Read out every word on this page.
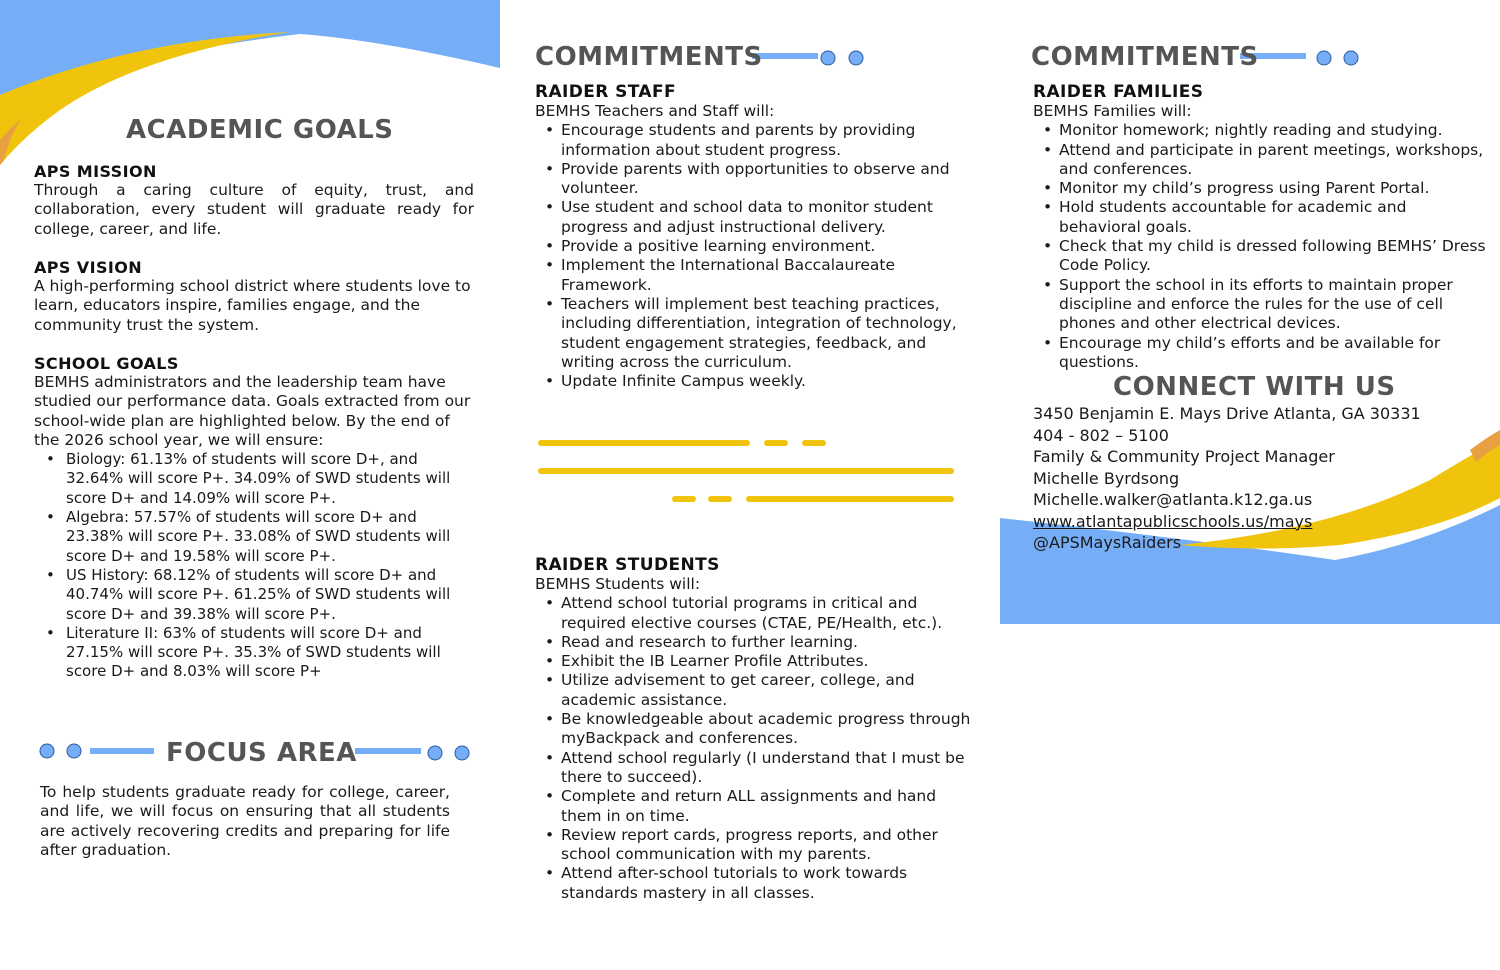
ACADEMIC GOALS
APS MISSION
Through a caring culture of equity, trust, and collaboration, every student will graduate ready for college, career, and life.
APS VISION
A high-performing school district where students love to learn, educators inspire, families engage, and the community trust the system.
SCHOOL GOALS
BEMHS administrators and the leadership team have studied our performance data. Goals extracted from our school-wide plan are highlighted below. By the end of the 2026 school year, we will ensure:
• Biology: 61.13% of students will score D+, and 32.64% will score P+. 34.09% of SWD students will score D+ and 14.09% will score P+.
• Algebra: 57.57% of students will score D+ and 23.38% will score P+. 33.08% of SWD students will score D+ and 19.58% will score P+.
• US History: 68.12% of students will score D+ and 40.74% will score P+. 61.25% of SWD students will score D+ and 39.38% will score P+.
• Literature II: 63% of students will score D+ and 27.15% will score P+. 35.3% of SWD students will score D+ and 8.03% will score P+
FOCUS AREA
To help students graduate ready for college, career, and life, we will focus on ensuring that all students are actively recovering credits and preparing for life after graduation.
COMMITMENTS
RAIDER STAFF
BEMHS Teachers and Staff will:
• Encourage students and parents by providing information about student progress.
• Provide parents with opportunities to observe and volunteer.
• Use student and school data to monitor student progress and adjust instructional delivery.
• Provide a positive learning environment.
• Implement the International Baccalaureate Framework.
• Teachers will implement best teaching practices, including differentiation, integration of technology, student engagement strategies, feedback, and writing across the curriculum.
• Update Infinite Campus weekly.
RAIDER STUDENTS
BEMHS Students will:
• Attend school tutorial programs in critical and required elective courses (CTAE, PE/Health, etc.).
• Read and research to further learning.
• Exhibit the IB Learner Profile Attributes.
• Utilize advisement to get career, college, and academic assistance.
• Be knowledgeable about academic progress through myBackpack and conferences.
• Attend school regularly (I understand that I must be there to succeed).
• Complete and return ALL assignments and hand them in on time.
• Review report cards, progress reports, and other school communication with my parents.
• Attend after-school tutorials to work towards standards mastery in all classes.
COMMITMENTS
RAIDER FAMILIES
BEMHS Families will:
• Monitor homework; nightly reading and studying.
• Attend and participate in parent meetings, workshops, and conferences.
• Monitor my child’s progress using Parent Portal.
• Hold students accountable for academic and behavioral goals.
• Check that my child is dressed following BEMHS’ Dress Code Policy.
• Support the school in its efforts to maintain proper discipline and enforce the rules for the use of cell phones and other electrical devices.
• Encourage my child’s efforts and be available for questions.
CONNECT WITH US
3450 Benjamin E. Mays Drive Atlanta, GA 30331
404 - 802 – 5100
Family & Community Project Manager
Michelle Byrdsong
Michelle.walker@atlanta.k12.ga.us
www.atlantapublicschools.us/mays
@APSMaysRaiders
